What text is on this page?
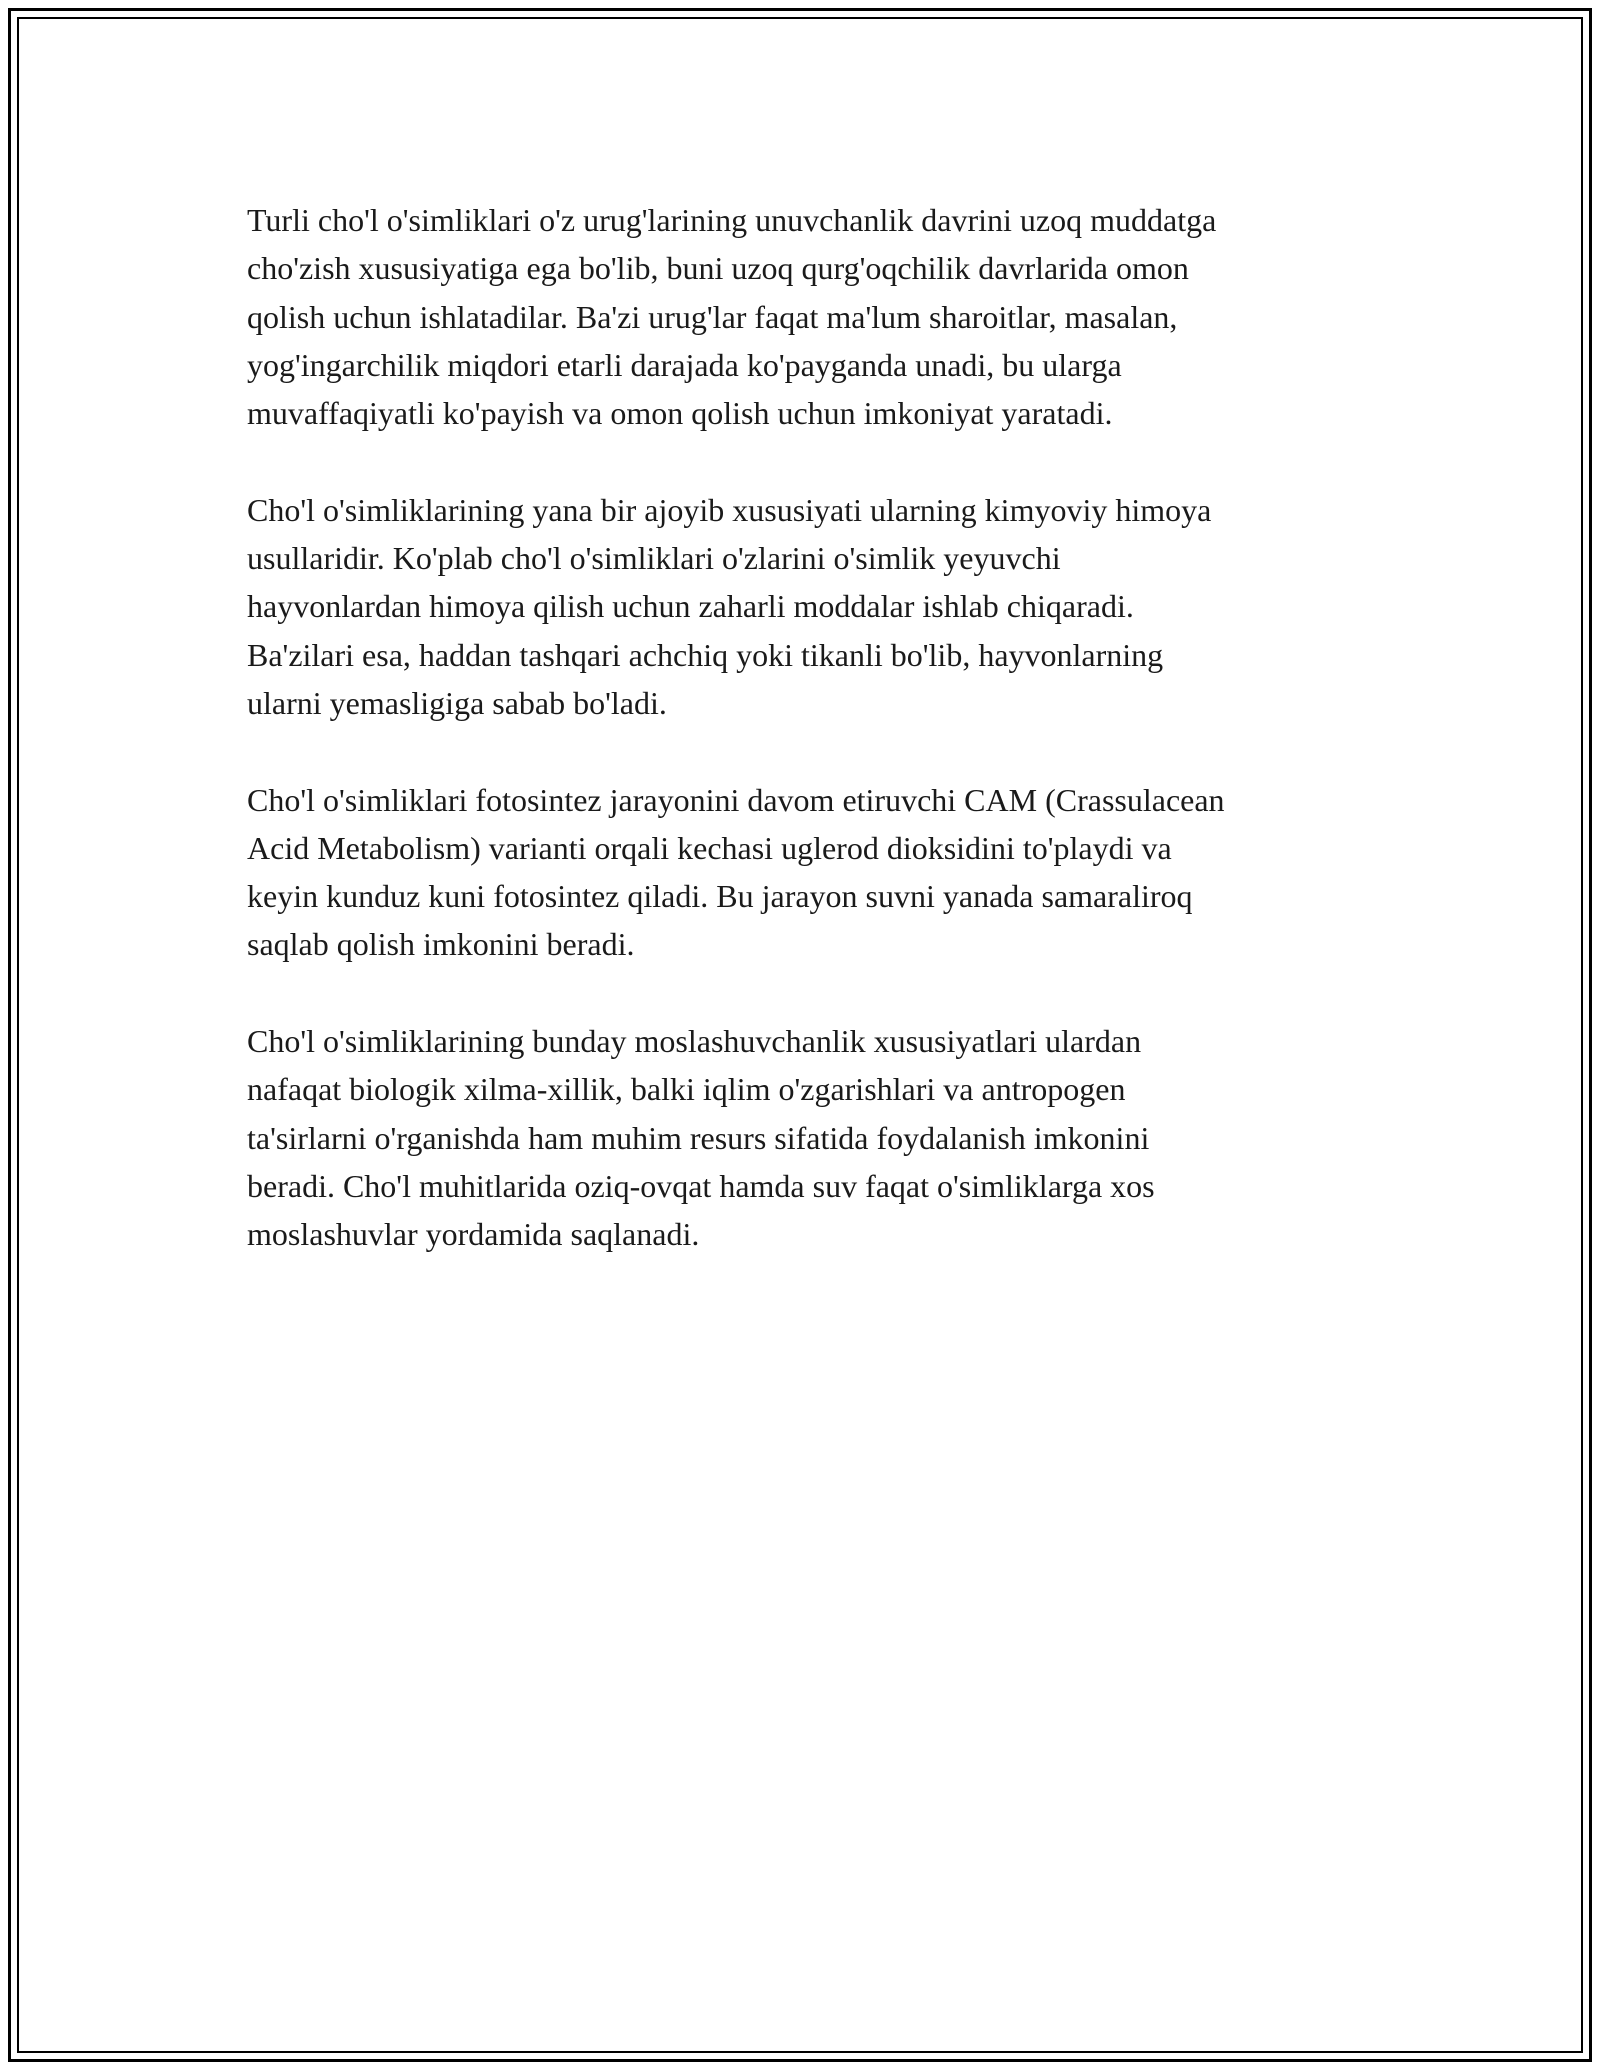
Turli cho'l o'simliklari o'z urug'larining unuvchanlik davrini uzoq muddatga
cho'zish xususiyatiga ega bo'lib, buni uzoq qurg'oqchilik davrlarida omon
qolish uchun ishlatadilar. Ba'zi urug'lar faqat ma'lum sharoitlar, masalan,
yog'ingarchilik miqdori etarli darajada ko'payganda unadi, bu ularga
muvaffaqiyatli ko'payish va omon qolish uchun imkoniyat yaratadi.

Cho'l o'simliklarining yana bir ajoyib xususiyati ularning kimyoviy himoya
usullaridir. Ko'plab cho'l o'simliklari o'zlarini o'simlik yeyuvchi
hayvonlardan himoya qilish uchun zaharli moddalar ishlab chiqaradi.
Ba'zilari esa, haddan tashqari achchiq yoki tikanli bo'lib, hayvonlarning
ularni yemasligiga sabab bo'ladi.

Cho'l o'simliklari fotosintez jarayonini davom etiruvchi CAM (Crassulacean
Acid Metabolism) varianti orqali kechasi uglerod dioksidini to'playdi va
keyin kunduz kuni fotosintez qiladi. Bu jarayon suvni yanada samaraliroq
saqlab qolish imkonini beradi.

Cho'l o'simliklarining bunday moslashuvchanlik xususiyatlari ulardan
nafaqat biologik xilma-xillik, balki iqlim o'zgarishlari va antropogen
ta'sirlarni o'rganishda ham muhim resurs sifatida foydalanish imkonini
beradi. Cho'l muhitlarida oziq-ovqat hamda suv faqat o'simliklarga xos
moslashuvlar yordamida saqlanadi.
